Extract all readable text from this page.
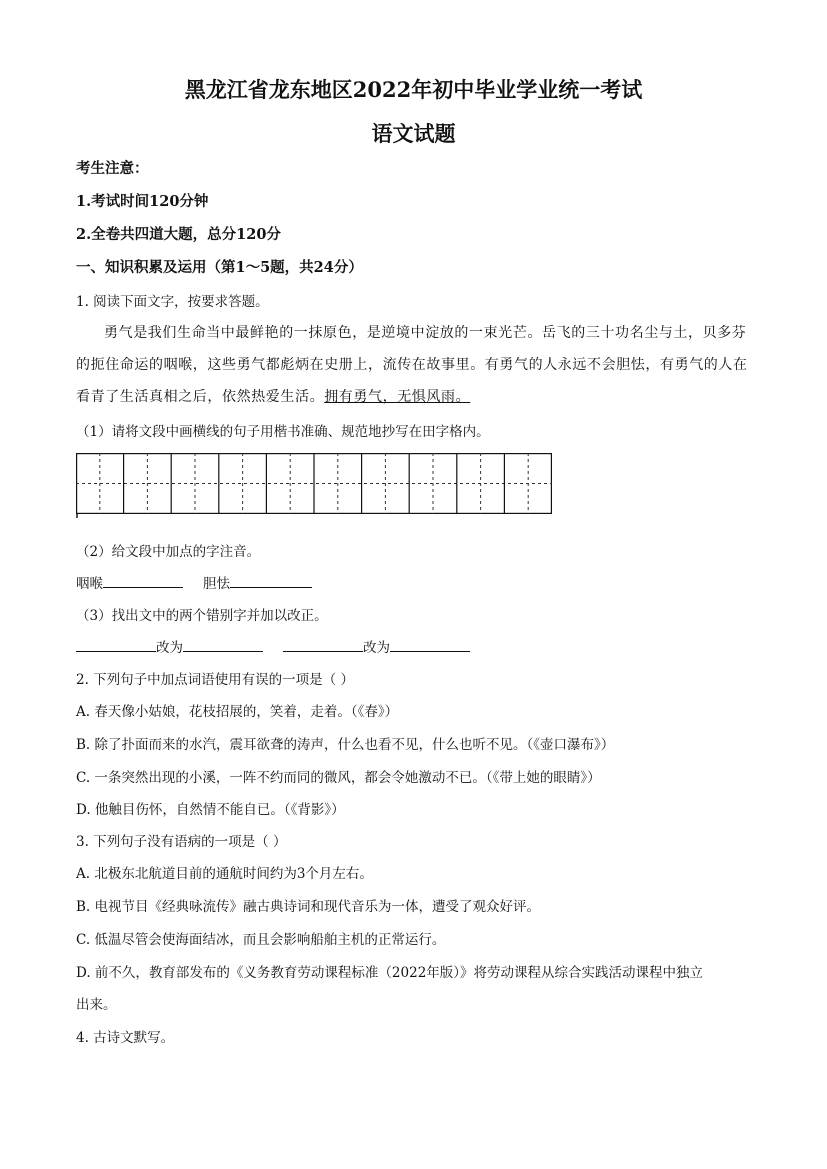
黑龙江省龙东地区2022年初中毕业学业统一考试
语文试题
考生注意：
1.考试时间120分钟
2.全卷共四道大题，总分120分
一、知识积累及运用（第1～5题，共24分）
1. 阅读下面文字，按要求答题。
勇气是我们生命当中最鲜艳的一抹原色，是逆境中淀放的一束光芒。岳飞的三十功名尘与土，贝多芬
的扼住命运的咽喉，这些勇气都彪炳在史册上，流传在故事里。有勇气的人永远不会胆怯，有勇气的人在
看青了生活真相之后，依然热爱生活。拥有勇气，无惧风雨。
（1）请将文段中画横线的句子用楷书准确、规范地抄写在田字格内。
（2）给文段中加点的字注音。
咽喉	胆怯
（3）找出文中的两个错别字并加以改正。
改为	改为
2. 下列句子中加点词语使用有误的一项是（ ）
A. 春天像小姑娘，花枝招展的，笑着，走着。（《春》）
B. 除了扑面而来的水汽，震耳欲聋的涛声，什么也看不见，什么也听不见。（《壶口瀑布》）
C. 一条突然出现的小溪，一阵不约而同的微风，都会令她激动不已。（《带上她的眼睛》）
D. 他触目伤怀，自然情不能自已。（《背影》）
3. 下列句子没有语病的一项是（ ）
A. 北极东北航道目前的通航时间约为3个月左右。
B. 电视节目《经典咏流传》融古典诗词和现代音乐为一体，遭受了观众好评。
C. 低温尽管会使海面结冰，而且会影响船舶主机的正常运行。
D. 前不久，教育部发布的《义务教育劳动课程标准（2022年版）》将劳动课程从综合实践活动课程中独立
出来。
4. 古诗文默写。
